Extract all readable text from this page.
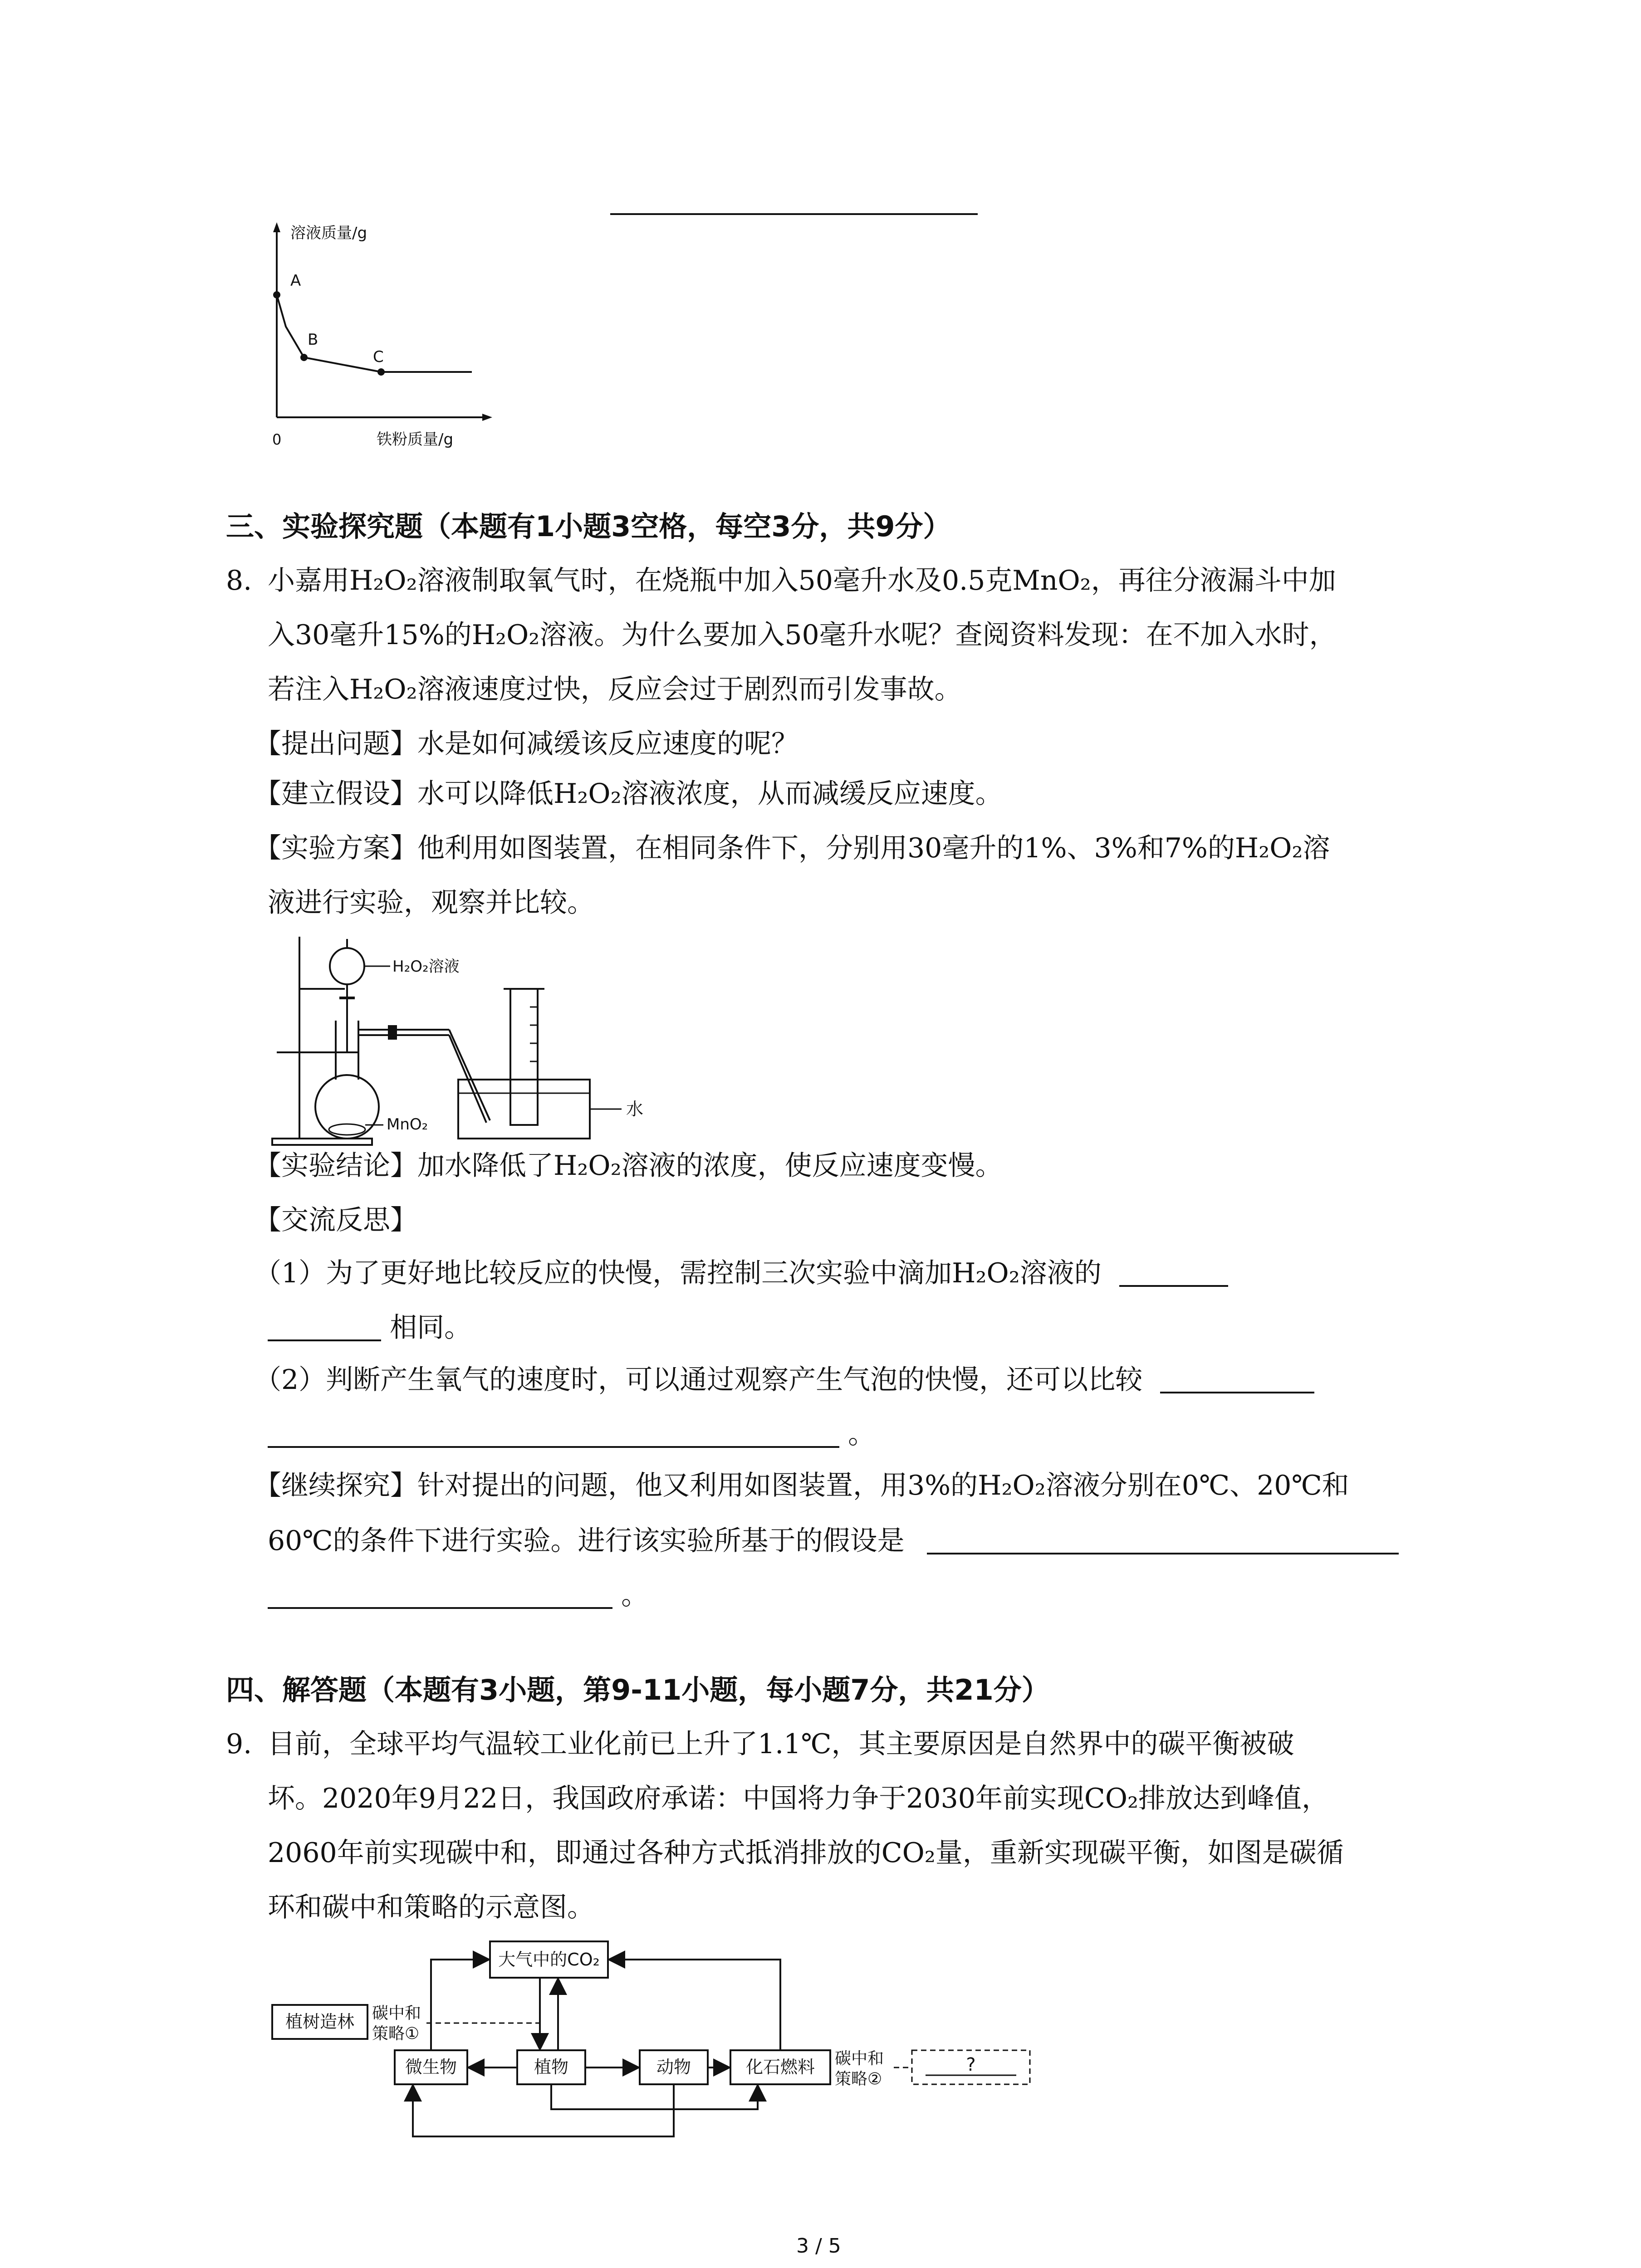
溶液质量/g
铁粉质量/g
0
A
B
C
三、实验探究题（本题有1小题3空格，每空3分，共9分）
8. 小嘉用H₂O₂溶液制取氧气时，在烧瓶中加入50毫升水及0.5克MnO₂，再往分液漏斗中加
入30毫升15%的H₂O₂溶液。为什么要加入50毫升水呢？查阅资料发现：在不加入水时，
若注入H₂O₂溶液速度过快，反应会过于剧烈而引发事故。
【提出问题】水是如何减缓该反应速度的呢？
【建立假设】水可以降低H₂O₂溶液浓度，从而减缓反应速度。
【实验方案】他利用如图装置，在相同条件下，分别用30毫升的1%、3%和7%的H₂O₂溶
液进行实验，观察并比较。
H₂O₂溶液
MnO₂
水
【实验结论】加水降低了H₂O₂溶液的浓度，使反应速度变慢。
【交流反思】
（1）为了更好地比较反应的快慢，需控制三次实验中滴加H₂O₂溶液的
相同。
（2）判断产生氧气的速度时，可以通过观察产生气泡的快慢，还可以比较
。
【继续探究】针对提出的问题，他又利用如图装置，用3%的H₂O₂溶液分别在0℃、20℃和
60℃的条件下进行实验。进行该实验所基于的假设是
。
四、解答题（本题有3小题，第9-11小题，每小题7分，共21分）
9. 目前，全球平均气温较工业化前已上升了1.1℃，其主要原因是自然界中的碳平衡被破
坏。2020年9月22日，我国政府承诺：中国将力争于2030年前实现CO₂排放达到峰值，
2060年前实现碳中和，即通过各种方式抵消排放的CO₂量，重新实现碳平衡，如图是碳循
环和碳中和策略的示意图。
大气中的CO₂
植树造林
微生物	植物	动物	化石燃料	?
碳中和
策略①
碳中和
策略②
3 / 5
